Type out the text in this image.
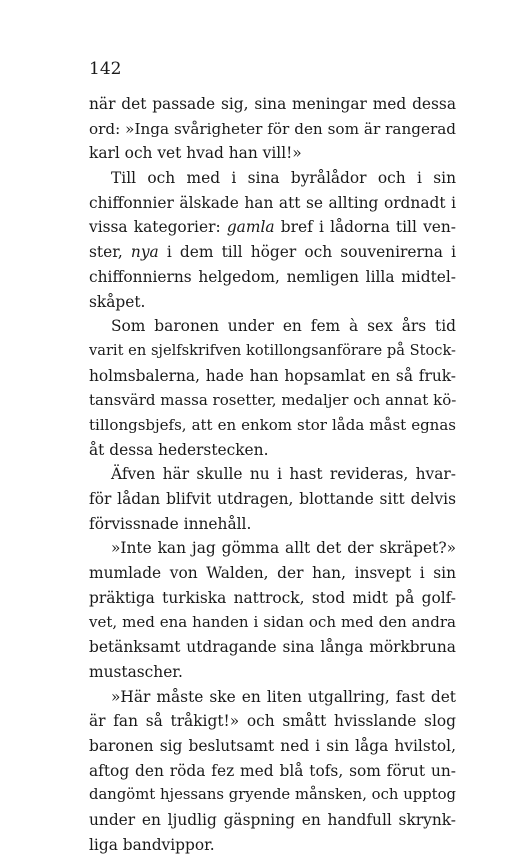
142
när det passade sig, sina meningar med dessa
ord: »Inga svårigheter för den som är rangerad
karl och vet hvad han vill!»
Till och med i sina byrålådor och i sin
chiffonnier älskade han att se allting ordnadt i
vissa kategorier: gamla bref i lådorna till ven-
ster, nya i dem till höger och souvenirerna i
chiffonnierns helgedom, nemligen lilla midtel-
skåpet.
Som baronen under en fem à sex års tid
varit en sjelfskrifven kotillongsanförare på Stock-
holmsbalerna, hade han hopsamlat en så fruk-
tansvärd massa rosetter, medaljer och annat kö-
tillongsbjefs, att en enkom stor låda måst egnas
åt dessa hedersteckеn.
Äfven här skulle nu i hast revideras, hvar-
för lådan blifvit utdragen, blottande sitt delvis
förvissnade innehåll.
»Inte kan jag gömma allt det der skräpet?»
mumlade von Walden, der han, insvept i sin
präktiga turkiska nattrock, stod midt på golf-
vet, med ena handen i sidan och med den andra
betänksamt utdragande sina långa mörkbruna
mustascher.
»Här måste ske en liten utgallring, fast det
är fan så tråkigt!» och smått hvisslande slog
baronen sig beslutsamt ned i sin låga hvilstol,
aftog den röda fez med blå tofs, som förut un-
dangömt hjessans gryende månsken, och upptog
under en ljudlig gäspning en handfull skrynk-
liga bandvippor.
